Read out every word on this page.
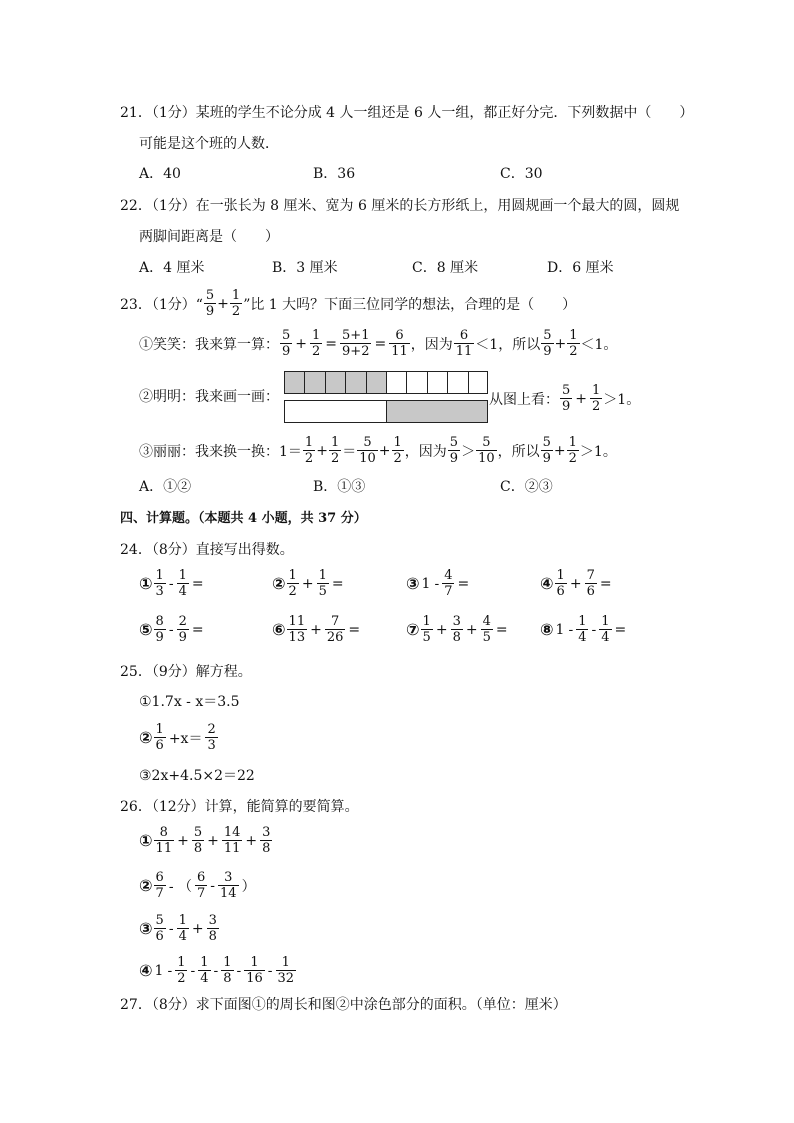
21．（1分）某班的学生不论分成 4 人一组还是 6 人一组，都正好分完．下列数据中（　　）
可能是这个班的人数．
A．40	B．36	C．30
22．（1分）在一张长为 8 厘米、宽为 6 厘米的长方形纸上，用圆规画一个最大的圆，圆规
两脚间距离是（　　）
A．4 厘米	B．3 厘米	C．8 厘米	D．6 厘米
23．（1分）“ $\frac{5}{9} + \frac{1}{2}$ ”比 1 大吗？下面三位同学的想法，合理的是（　　）
①笑笑：我来算一算： $\frac{5}{9} + \frac{1}{2} = \frac{5+1}{9+2} = \frac{6}{11}$ ，因为 $\frac{6}{11} <1$，所以 $\frac{5}{9} + \frac{1}{2} <1$。
②明明：我来画一画：	从图上看： $\frac{5}{9} + \frac{1}{2} >1$。
③丽丽：我来换一换：$1= \frac{1}{2} + \frac{1}{2} = \frac{5}{10} + \frac{1}{2}$ ，因为 $\frac{5}{9} > \frac{5}{10}$ ，所以 $\frac{5}{9} + \frac{1}{2} >1$。
A．①②	B．①③	C．②③
四、计算题。（本题共 4 小题，共 37 分）
24．（8分）直接写出得数。
① $\frac{1}{3} - \frac{1}{4}$ =	② $\frac{1}{2} + \frac{1}{5}$ =	③ $1 - \frac{4}{7}$ =	④ $\frac{1}{6} + \frac{7}{6}$ =
⑤ $\frac{8}{9} - \frac{2}{9}$ =	⑥ $\frac{11}{13} + \frac{7}{26}$ =	⑦ $\frac{1}{5} + \frac{3}{8} + \frac{4}{5}$ = ⑧ $1 - \frac{1}{4} - \frac{1}{4}$ =
25．（9分）解方程。
①1.7x - x＝3.5
② $\frac{1}{6} +x= \frac{2}{3}$
③2x+4.5×2＝22
26．（12分）计算，能简算的要简算。
① $\frac{8}{11} + \frac{5}{8} + \frac{14}{11} + \frac{3}{8}$
② $\frac{6}{7}$ - （ $\frac{6}{7} - \frac{3}{14}$ ）
③ $\frac{5}{6} - \frac{1}{4} + \frac{3}{8}$
④ $1 - \frac{1}{2} - \frac{1}{4} - \frac{1}{8} - \frac{1}{16} - \frac{1}{32}$
27．（8分）求下面图①的周长和图②中涂色部分的面积。（单位：厘米）
